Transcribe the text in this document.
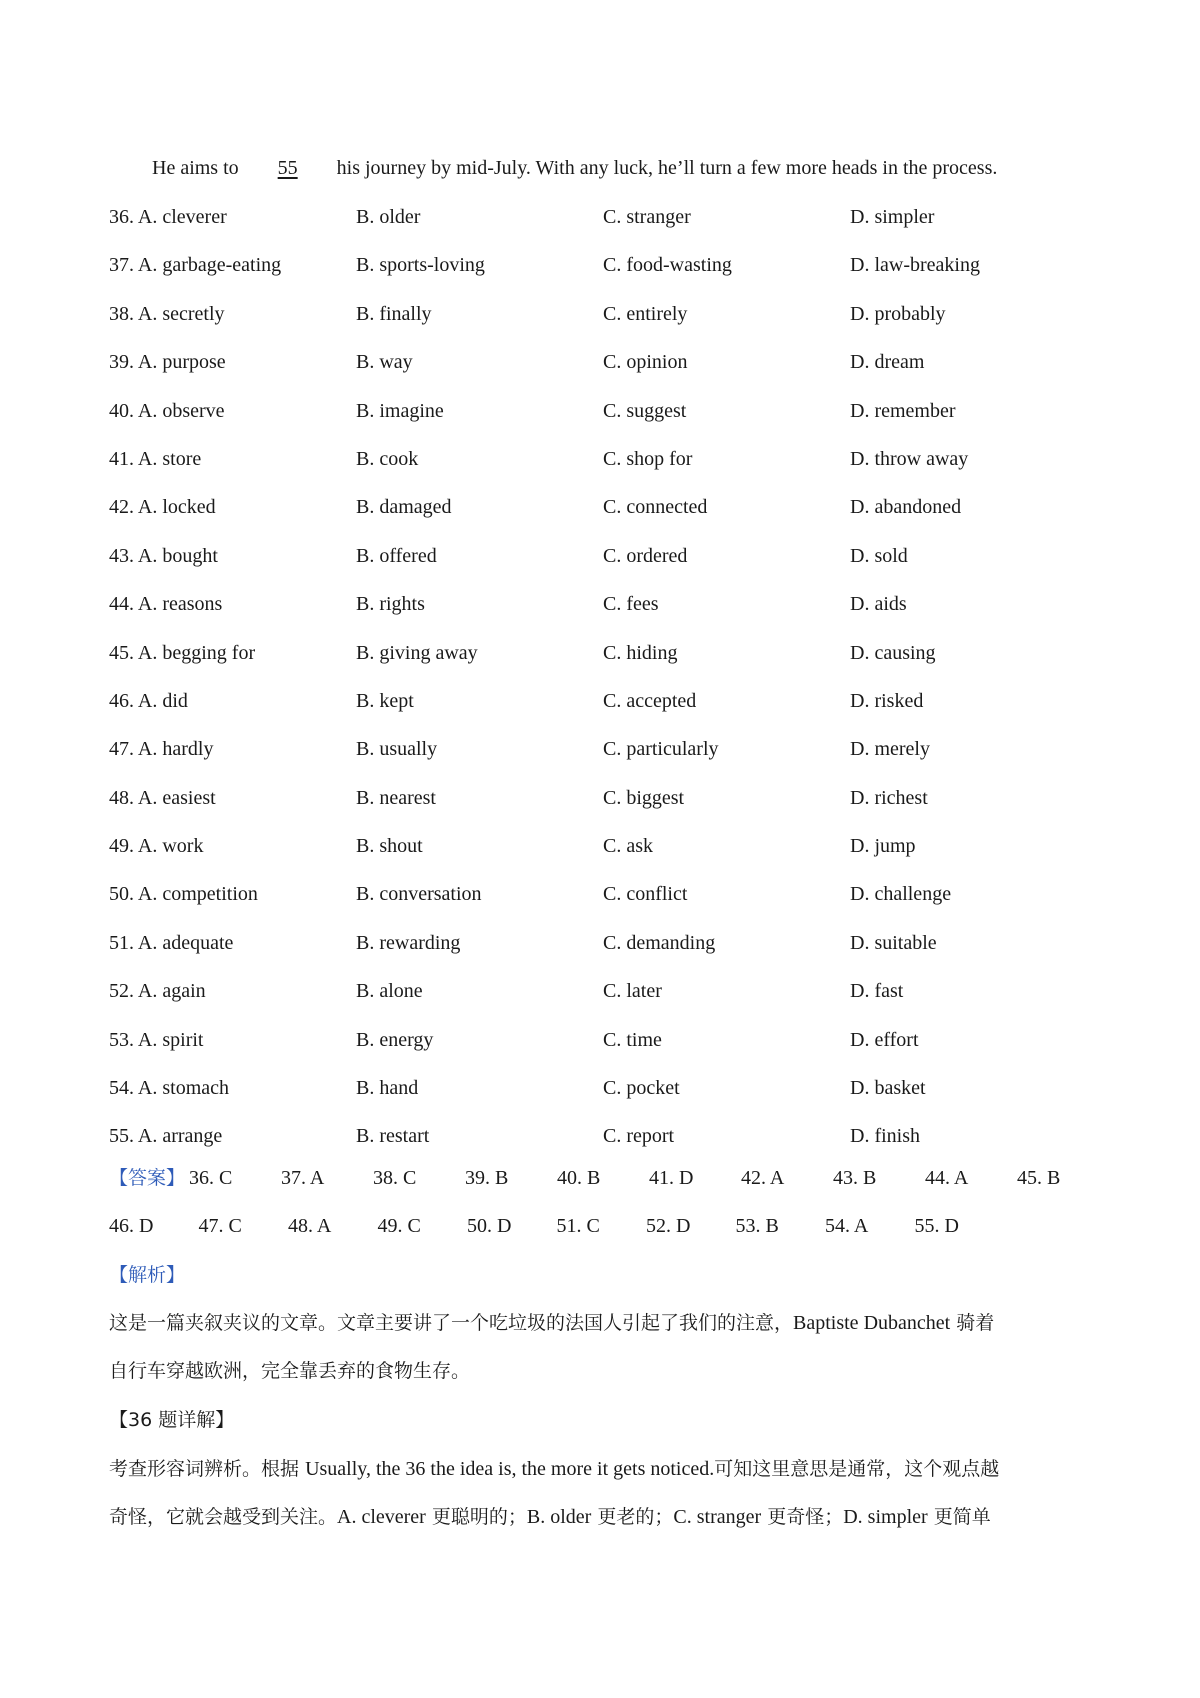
He aims to 55 his journey by mid-July. With any luck, he’ll turn a few more heads in the process.
36. A. cleverer	B. older	C. stranger	D. simpler
37. A. garbage-eating	B. sports-loving	C. food-wasting	D. law-breaking
38. A. secretly	B. finally	C. entirely	D. probably
39. A. purpose	B. way	C. opinion	D. dream
40. A. observe	B. imagine	C. suggest	D. remember
41. A. store	B. cook	C. shop for	D. throw away
42. A. locked	B. damaged	C. connected	D. abandoned
43. A. bought	B. offered	C. ordered	D. sold
44. A. reasons	B. rights	C. fees	D. aids
45. A. begging for	B. giving away	C. hiding	D. causing
46. A. did	B. kept	C. accepted	D. risked
47. A. hardly	B. usually	C. particularly	D. merely
48. A. easiest	B. nearest	C. biggest	D. richest
49. A. work	B. shout	C. ask	D. jump
50. A. competition	B. conversation	C. conflict	D. challenge
51. A. adequate	B. rewarding	C. demanding	D. suitable
52. A. again	B. alone	C. later	D. fast
53. A. spirit	B. energy	C. time	D. effort
54. A. stomach	B. hand	C. pocket	D. basket
55. A. arrange	B. restart	C. report	D. finish
【答案】 36. C	37. A	38. C	39. B	40. B	41. D	42. A	43. B	44. A	45. B
46. D	47. C	48. A	49. C	50. D	51. C	52. D	53. B	54. A	55. D
【解析】
这是一篇夹叙夹议的文章。文章主要讲了一个吃垃圾的法国人引起了我们的注意，Baptiste Dubanchet 骑着
自行车穿越欧洲，完全靠丢弃的食物生存。
【36 题详解】
考查形容词辨析。根据 Usually, the 36 the idea is, the more it gets noticed.可知这里意思是通常，这个观点越
奇怪，它就会越受到关注。A. cleverer 更聪明的；B. older 更老的；C. stranger 更奇怪；D. simpler 更简单
